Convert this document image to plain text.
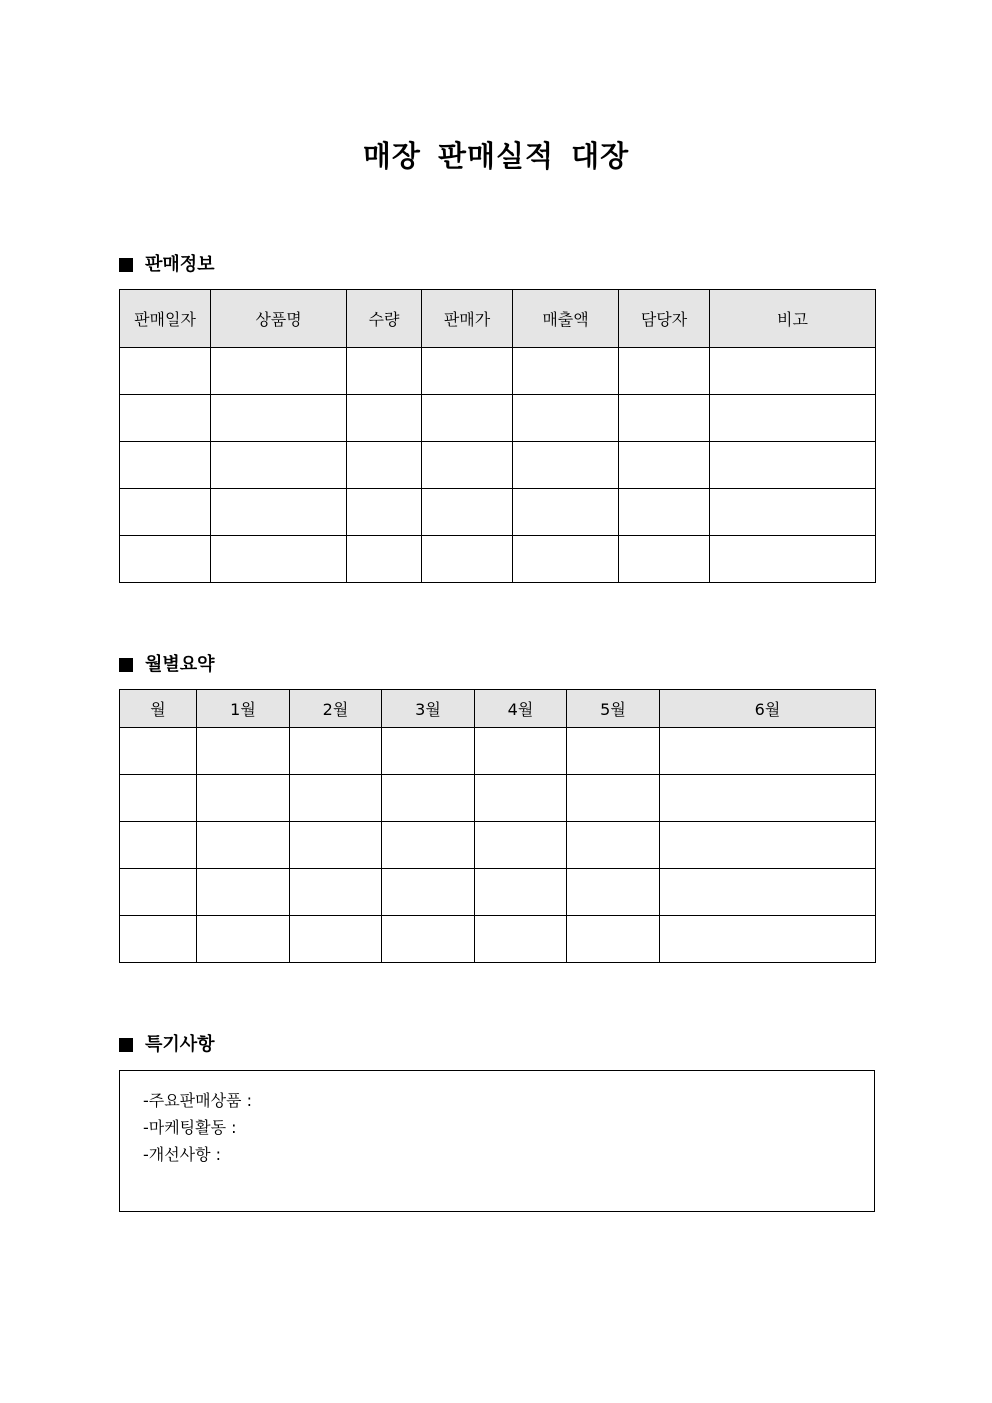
매장 판매실적 대장
판매정보
판매일자	상품명	수량	판매가	매출액	담당자	비고

월별요약
월	1월	2월	3월	4월	5월	6월

특기사항
-주요판매상품 :
-마케팅활동 :
-개선사항 :
